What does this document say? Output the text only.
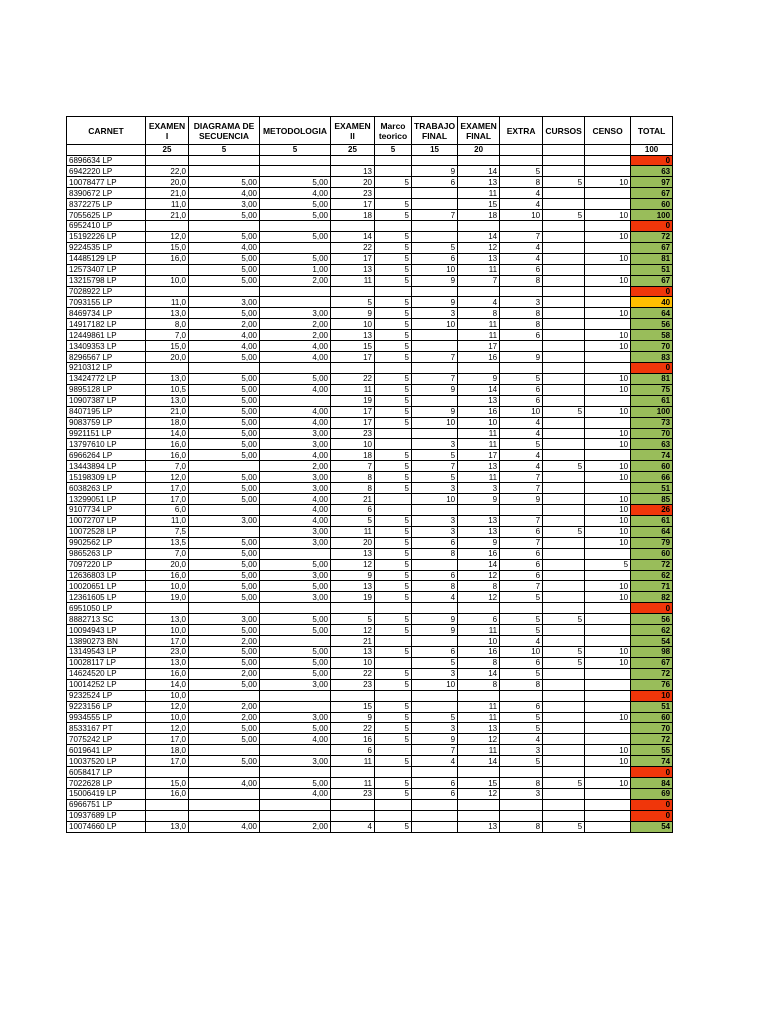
CARNET	EXAMEN I	DIAGRAMA DE SECUENCIA	METODOLOGIA	EXAMEN II	Marco teorico	TRABAJO FINAL	EXAMEN FINAL	EXTRA	CURSOS	CENSO	TOTAL
	25	5	5	25	5	15	20				100
6896634 LP											0
6942220 LP	22,0			13		9	14	5			63
10078477 LP	20,0	5,00	5,00	20	5	6	13	8	5	10	97
8390672 LP	21,0	4,00	4,00	23			11	4			67
8372275 LP	11,0	3,00	5,00	17	5		15	4			60
7055625 LP	21,0	5,00	5,00	18	5	7	18	10	5	10	100
6952410 LP											0
15192226 LP	12,0	5,00	5,00	14	5		14	7		10	72
9224535 LP	15,0	4,00		22	5	5	12	4			67
14485129 LP	16,0	5,00	5,00	17	5	6	13	4		10	81
12573407 LP		5,00	1,00	13	5	10	11	6			51
13215798 LP	10,0	5,00	2,00	11	5	9	7	8		10	67
7028922 LP											0
7093155 LP	11,0	3,00		5	5	9	4	3			40
8469734 LP	13,0	5,00	3,00	9	5	3	8	8		10	64
14917182 LP	8,0	2,00	2,00	10	5	10	11	8			56
12449861 LP	7,0	4,00	2,00	13	5		11	6		10	58
13409353 LP	15,0	4,00	4,00	15	5		17			10	70
8296567 LP	20,0	5,00	4,00	17	5	7	16	9			83
9210312 LP											0
13424772 LP	13,0	5,00	5,00	22	5	7	9	5		10	81
9895128 LP	10,5	5,00	4,00	11	5	9	14	6		10	75
10907387 LP	13,0	5,00		19	5		13	6			61
8407195 LP	21,0	5,00	4,00	17	5	9	16	10	5	10	100
9083759 LP	18,0	5,00	4,00	17	5	10	10	4			73
9921151 LP	14,0	5,00	3,00	23			11	4		10	70
13797610 LP	16,0	5,00	3,00	10		3	11	5		10	63
6966264 LP	16,0	5,00	4,00	18	5	5	17	4			74
13443894 LP	7,0		2,00	7	5	7	13	4	5	10	60
15198309 LP	12,0	5,00	3,00	8	5	5	11	7		10	66
6038263 LP	17,0	5,00	3,00	8	5	3	3	7			51
13299051 LP	17,0	5,00	4,00	21		10	9	9		10	85
9107734 LP	6,0		4,00	6						10	26
10072707 LP	11,0	3,00	4,00	5	5	3	13	7		10	61
10072528 LP	7,5		3,00	11	5	3	13	6	5	10	64
9902562 LP	13,5	5,00	3,00	20	5	6	9	7		10	79
9865263 LP	7,0	5,00		13	5	8	16	6			60
7097220 LP	20,0	5,00	5,00	12	5		14	6		5	72
12636803 LP	16,0	5,00	3,00	9	5	6	12	6			62
10020651 LP	10,0	5,00	5,00	13	5	8	8	7		10	71
12361605 LP	19,0	5,00	3,00	19	5	4	12	5		10	82
6951050 LP											0
8882713 SC	13,0	3,00	5,00	5	5	9	6	5	5		56
10094943 LP	10,0	5,00	5,00	12	5	9	11	5			62
13890273 BN	17,0	2,00		21			10	4			54
13149543 LP	23,0	5,00	5,00	13	5	6	16	10	5	10	98
10028117 LP	13,0	5,00	5,00	10		5	8	6	5	10	67
14624520 LP	16,0	2,00	5,00	22	5	3	14	5			72
10014252 LP	14,0	5,00	3,00	23	5	10	8	8			76
9232524 LP	10,0										10
9223156 LP	12,0	2,00		15	5		11	6			51
9934555 LP	10,0	2,00	3,00	9	5	5	11	5		10	60
8533167 PT	12,0	5,00	5,00	22	5	3	13	5			70
7075242 LP	17,0	5,00	4,00	16	5	9	12	4			72
6019641 LP	18,0			6		7	11	3		10	55
10037520 LP	17,0	5,00	3,00	11	5	4	14	5		10	74
6058417 LP											0
7022628 LP	15,0	4,00	5,00	11	5	6	15	8	5	10	84
15006419 LP	16,0		4,00	23	5	6	12	3			69
6966751 LP											0
10937689 LP											0
10074660 LP	13,0	4,00	2,00	4	5		13	8	5		54
